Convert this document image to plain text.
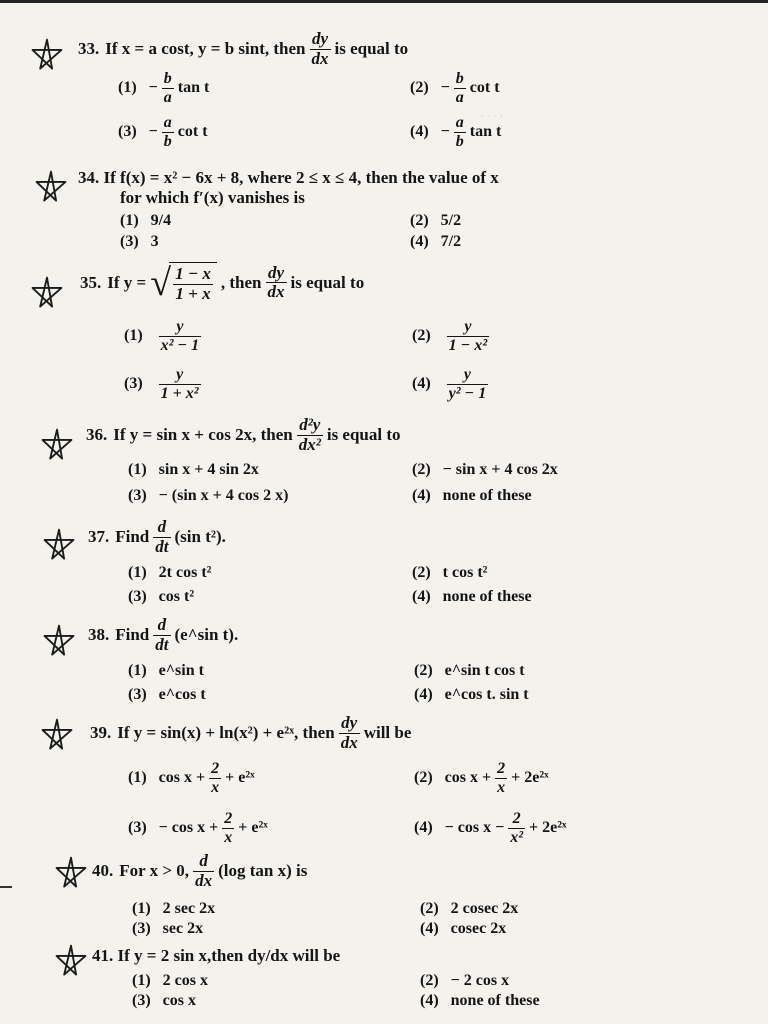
· · · ·
33. If x = a cost, y = b sint, then $\frac{dy}{dx}$ is equal to
$(1) - \frac{b}{a}$ tan t	$(2) - \frac{b}{a}$ cot t
$(3) - \frac{a}{b}$ cot t	$(4) - \frac{a}{b}$ tan t
34. If f(x) = x² − 6x + 8, where 2 ≤ x ≤ 4, then the value of x
for which f′(x) vanishes is
(1) 9/4	(2) 5/2
(3) 3	(4) 7/2
35. If y = √ $\frac{1 - x}{1 + x}$ , then $\frac{dy}{dx}$ is equal to
$(1) \frac{y}{\text{x² − 1}}$	$(2) \frac{y}{\text{1 − x²}}$
$(3) \frac{y}{\text{1 + x²}}$	$(4) \frac{y}{\text{y² − 1}}$
36. If y = sin x + cos 2x, then $\frac{\text{d²y}}{\text{dx²}}$ is equal to
(1) sin x + 4 sin 2x	(2) − sin x + 4 cos 2x
(3) − (sin x + 4 cos 2 x)	(4) none of these
37. Find $\frac{d}{dt} (\sin$ t²).
(1) 2t cos t²	(2) t cos t²
(3) cos t²	(4) none of these
38. Find $\frac{d}{dt}$ (e^sin t).
(1) e^sin t	(2) e^sin t cos t
(3) e^cos t	(4) e^cos t. sin t
39. If y = sin(x) + ln(x²) + e²ˣ, then $\frac{dy}{dx}$ will be
(1) $\cos x + \frac{2}{x}$ + e²ˣ	(2) $\cos x + \frac{2}{x}$ + 2e²ˣ
$(3) - \cos x + \frac{2}{x}$ + e²ˣ	$(4) - \cos x - \frac{2}{\text{x²}}$ + 2e²ˣ
40. For x > 0, $\frac{d}{dx} (\log$ tan x) is
(1) 2 sec 2x	(2) 2 cosec 2x
(3) sec 2x	(4) cosec 2x
41. If y = 2 sin x,then dy/dx will be
(1) 2 cos x	(2) − 2 cos x
(3) cos x	(4) none of these
